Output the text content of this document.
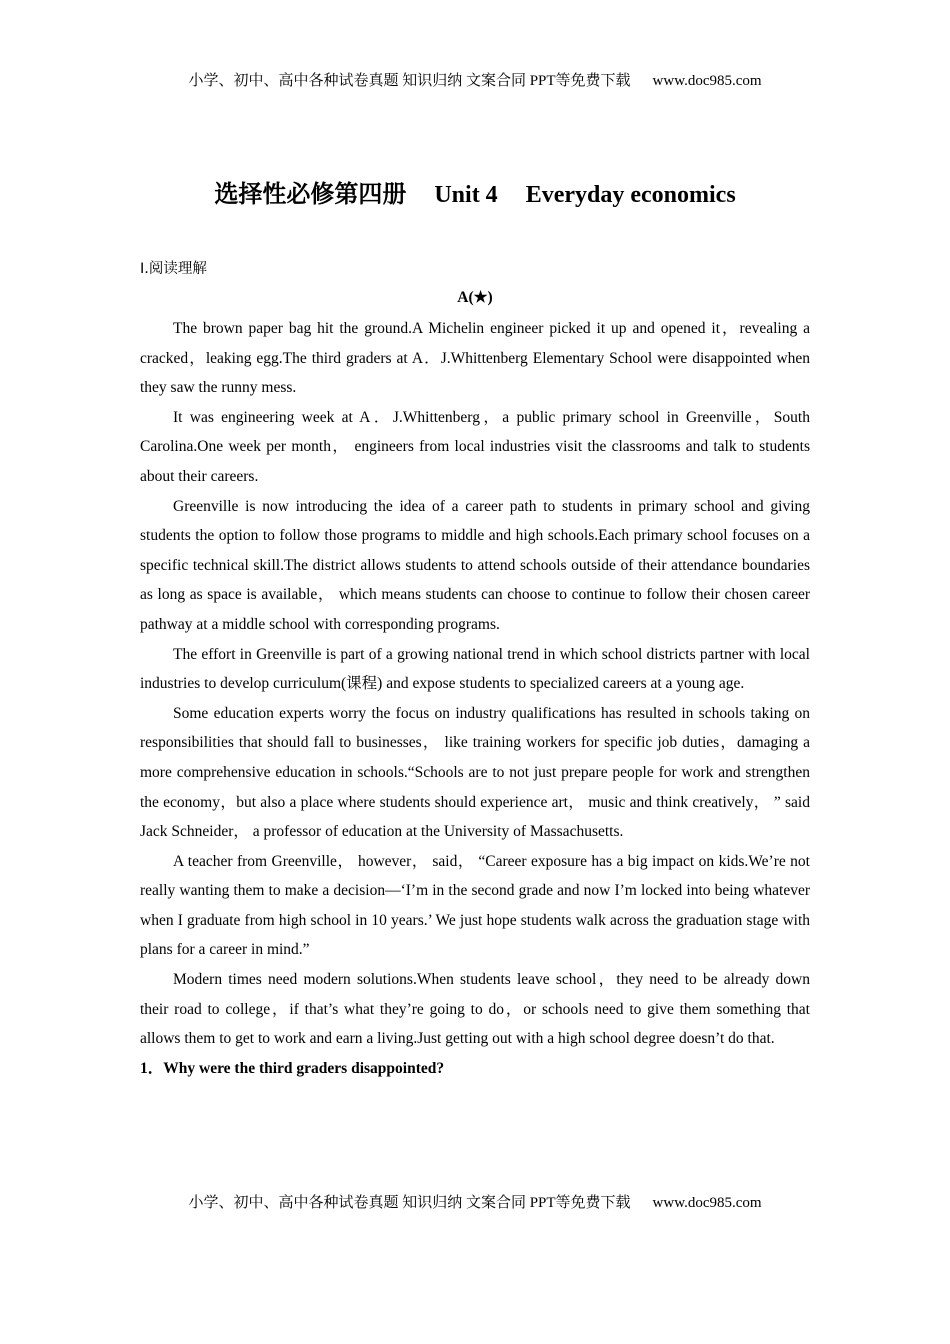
小学、初中、高中各种试卷真题 知识归纳 文案合同 PPT等免费下载 www.doc985.com
选择性必修第四册 Unit 4 Everyday economics
Ⅰ.阅读理解
A(★)

The brown paper bag hit the ground.A Michelin engineer picked it up and opened it，revealing a cracked，leaking egg.The third graders at A．J.Whittenberg Elementary School were disappointed when they saw the runny mess.

It was engineering week at A．J.Whittenberg，a public primary school in Greenville，South Carolina.One week per month， engineers from local industries visit the classrooms and talk to students about their careers.

Greenville is now introducing the idea of a career path to students in primary school and giving students the option to follow those programs to middle and high schools.Each primary school focuses on a specific technical skill.The district allows students to attend schools outside of their attendance boundaries as long as space is available， which means students can choose to continue to follow their chosen career pathway at a middle school with corresponding programs.

The effort in Greenville is part of a growing national trend in which school districts partner with local industries to develop curriculum(课程) and expose students to specialized careers at a young age.

Some education experts worry the focus on industry qualifications has resulted in schools taking on responsibilities that should fall to businesses， like training workers for specific job duties，damaging a more comprehensive education in schools.“Schools are to not just prepare people for work and strengthen the economy，but also a place where students should experience art， music and think creatively， ” said Jack Schneider， a professor of education at the University of Massachusetts.

A teacher from Greenville， however， said， “Career exposure has a big impact on kids.We’re not really wanting them to make a decision—‘I’m in the second grade and now I’m locked into being whatever when I graduate from high school in 10 years.’ We just hope students walk across the graduation stage with plans for a career in mind.”

Modern times need modern solutions.When students leave school，they need to be already down their road to college，if that’s what they’re going to do，or schools need to give them something that allows them to get to work and earn a living.Just getting out with a high school degree doesn’t do that.

1．Why were the third graders disappointed?

小学、初中、高中各种试卷真题 知识归纳 文案合同 PPT等免费下载 www.doc985.com
